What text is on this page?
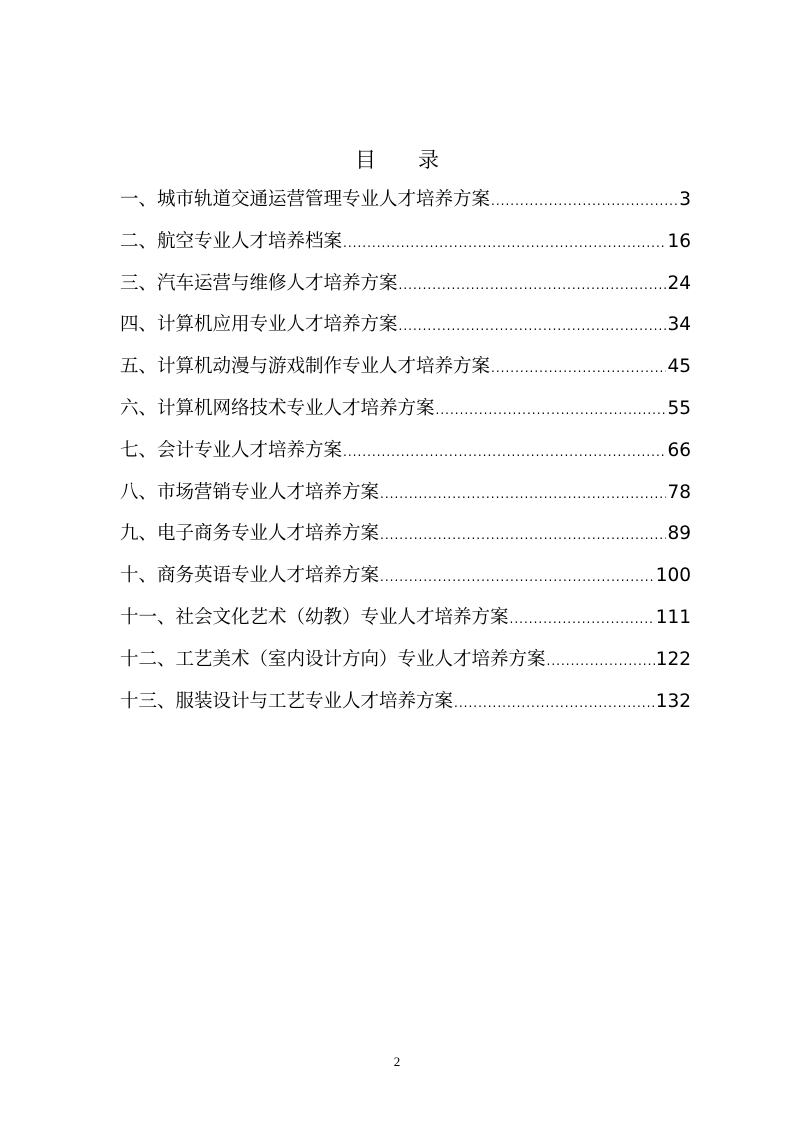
目 录
一、城市轨道交通运营管理专业人才培养方案 .....	3
二、航空专业人才培养档案 .....	16
三、汽车运营与维修人才培养方案 .....	24
四、计算机应用专业人才培养方案 .....	34
五、计算机动漫与游戏制作专业人才培养方案 .....	45
六、计算机网络技术专业人才培养方案 .....	55
七、会计专业人才培养方案 .....	66
八、市场营销专业人才培养方案 .....	78
九、电子商务专业人才培养方案 .....	89
十、商务英语专业人才培养方案 .....	100
十一、社会文化艺术（幼教）专业人才培养方案 .....	111
十二、工艺美术（室内设计方向）专业人才培养方案 .....	122
十三、服装设计与工艺专业人才培养方案 .....	132
2
